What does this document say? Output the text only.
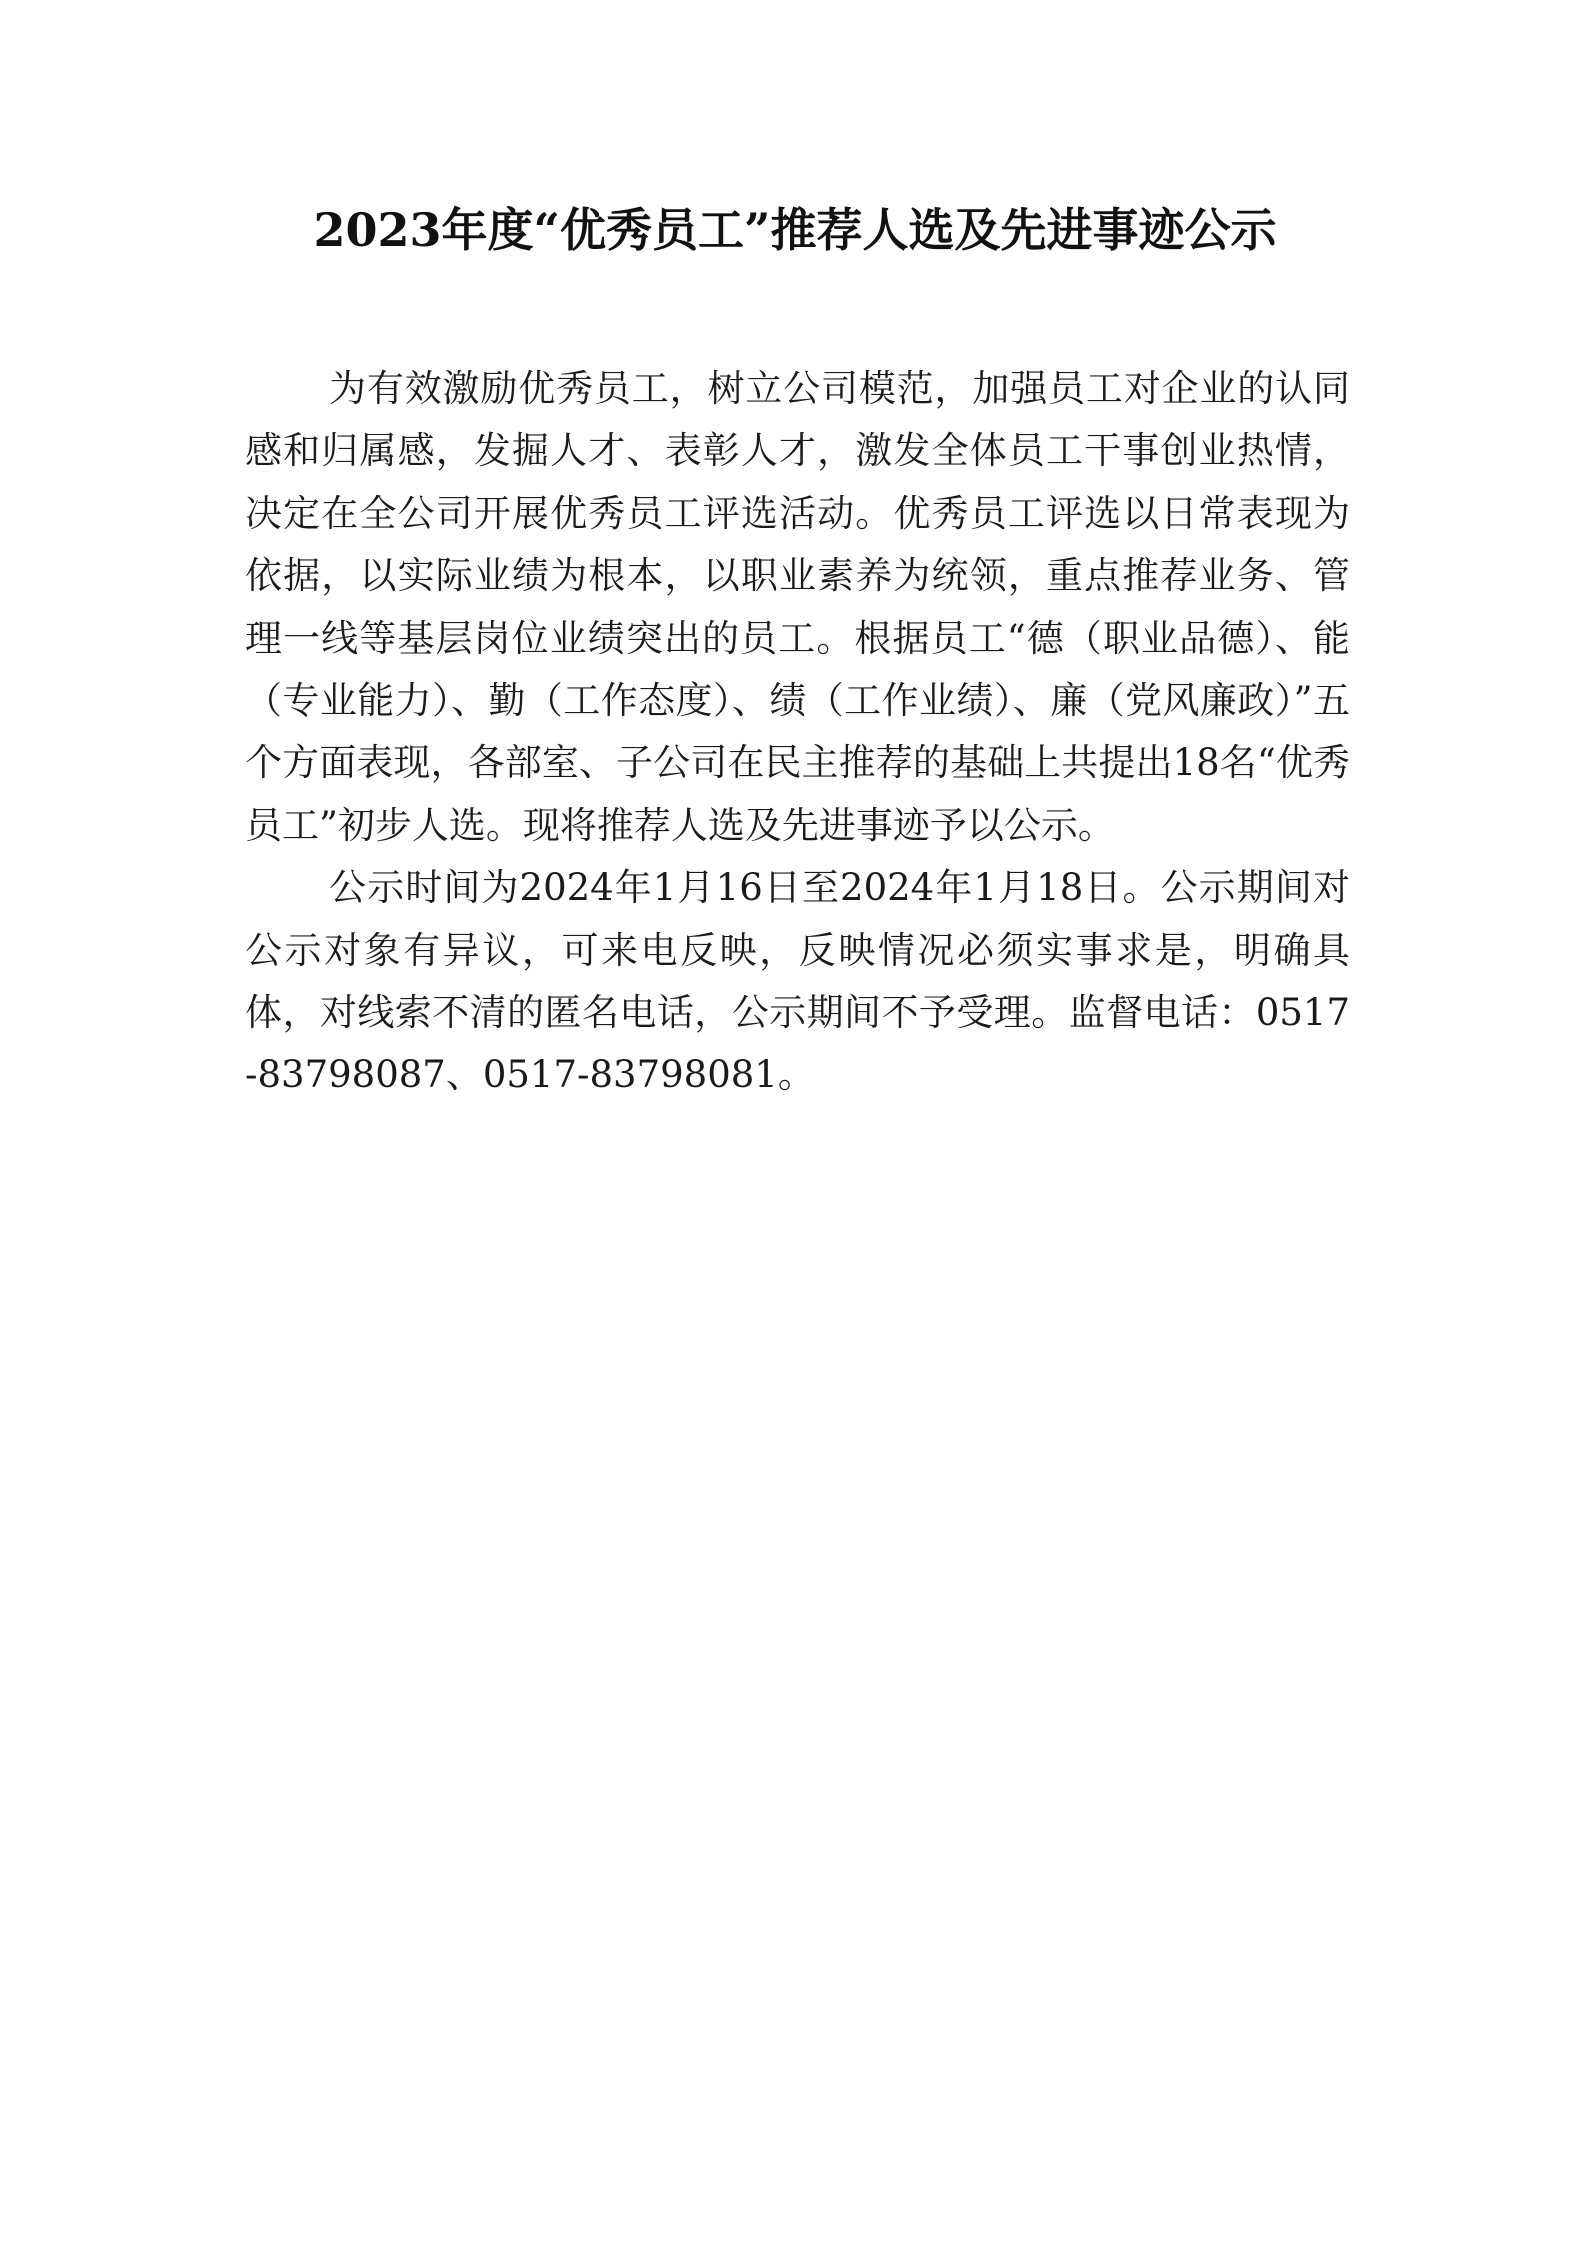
2023年度“优秀员工”推荐人选及先进事迹公示

为有效激励优秀员工，树立公司模范，加强员工对企业的认同感和归属感，发掘人才、表彰人才，激发全体员工干事创业热情，决定在全公司开展优秀员工评选活动。优秀员工评选以日常表现为依据，以实际业绩为根本，以职业素养为统领，重点推荐业务、管理一线等基层岗位业绩突出的员工。根据员工“德（职业品德）、能（专业能力）、勤（工作态度）、绩（工作业绩）、廉（党风廉政）”五个方面表现，各部室、子公司在民主推荐的基础上共提出18名“优秀员工”初步人选。现将推荐人选及先进事迹予以公示。

公示时间为2024年1月16日至2024年1月18日。公示期间对公示对象有异议，可来电反映，反映情况必须实事求是，明确具体，对线索不清的匿名电话，公示期间不予受理。监督电话：0517-83798087、0517-83798081。
